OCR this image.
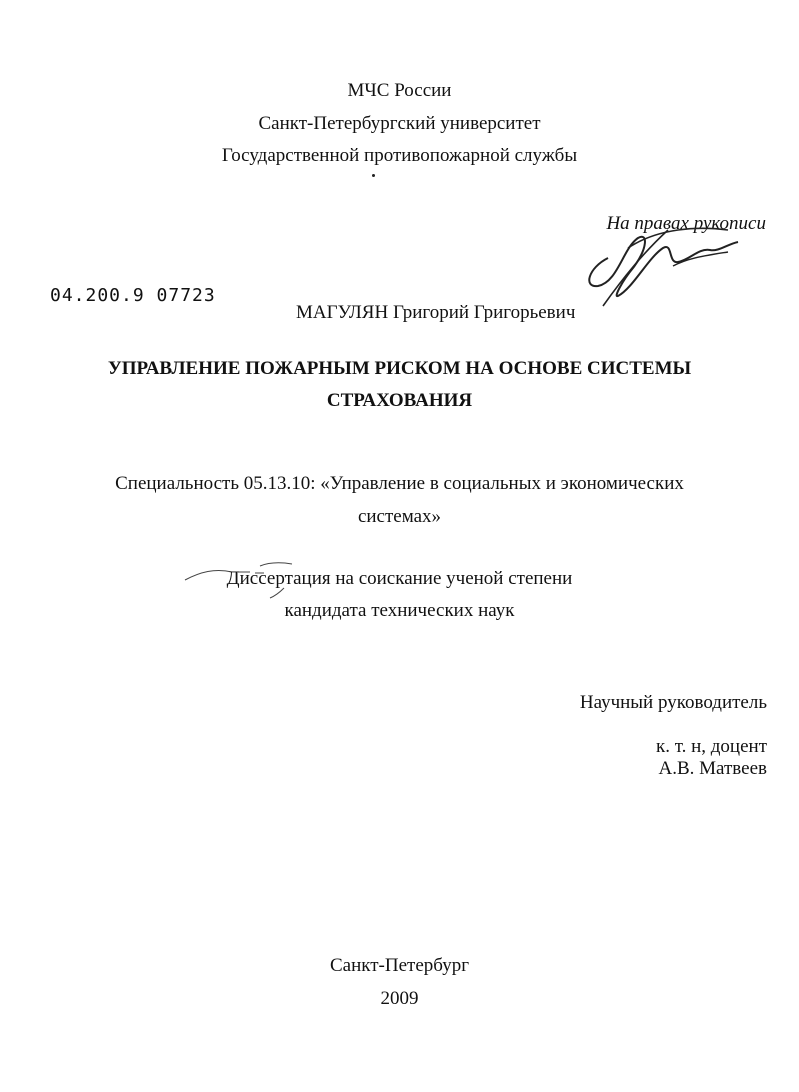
МЧС России
Санкт-Петербургский университет
Государственной противопожарной службы
На правах рукописи
04.200.9 07723
МАГУЛЯН Григорий Григорьевич
УПРАВЛЕНИЕ ПОЖАРНЫМ РИСКОМ НА ОСНОВЕ СИСТЕМЫ
СТРАХОВАНИЯ
Специальность 05.13.10: «Управление в социальных и экономических
системах»
Диссертация на соискание ученой степени
кандидата технических наук
Научный руководитель
к. т. н, доцент
А.В. Матвеев
Санкт-Петербург
2009
